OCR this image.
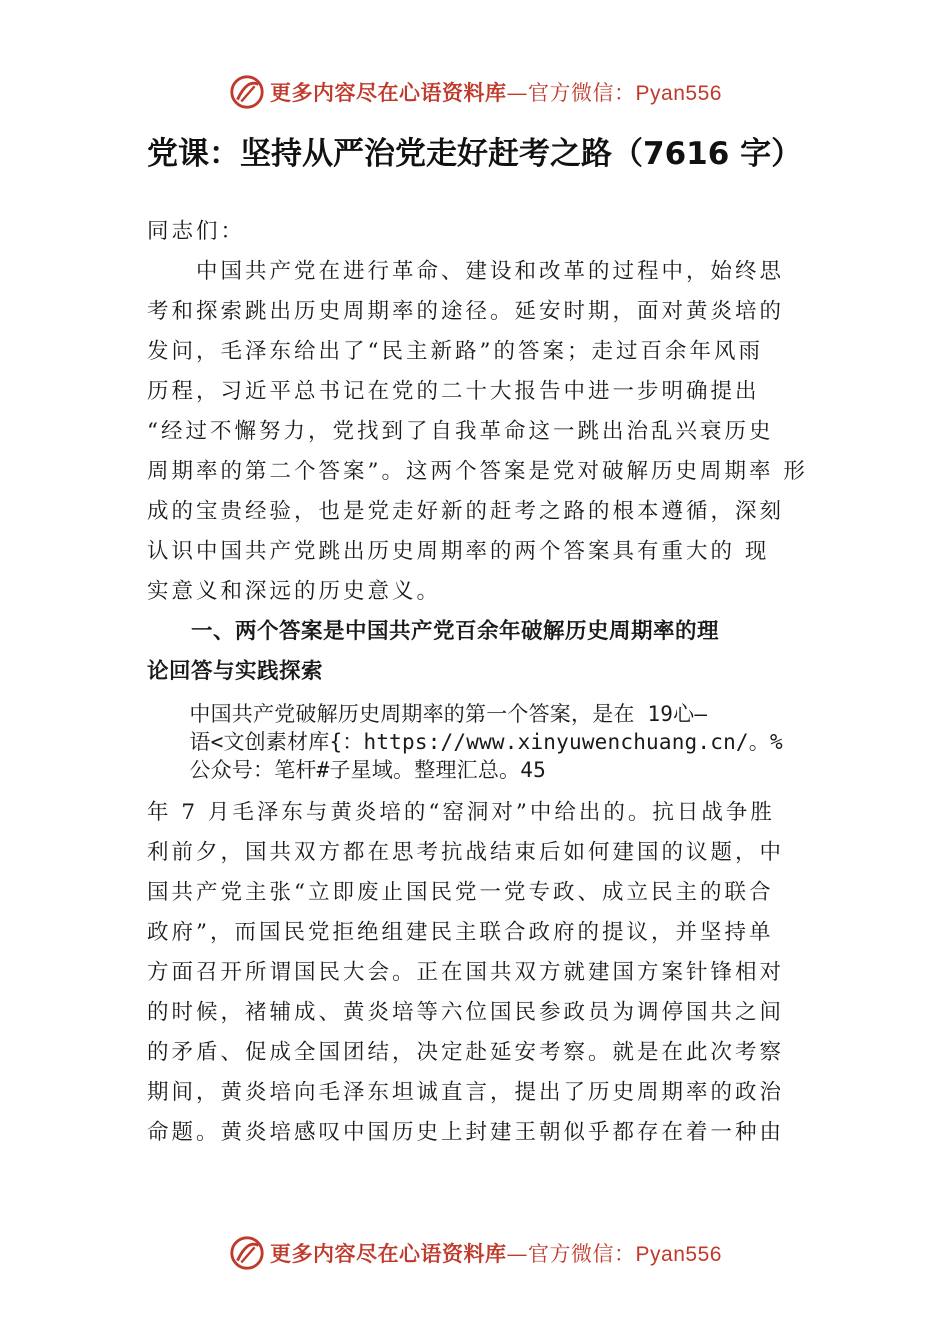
更多内容尽在心语资料库—官方微信：Pyan556
党课：坚持从严治党走好赶考之路（7616 字）
同志们：
　　中国共产党在进行革命、建设和改革的过程中，始终思
考和探索跳出历史周期率的途径。延安时期，面对黄炎培的
发问，毛泽东给出了“民主新路”的答案；走过百余年风雨
历程，习近平总书记在党的二十大报告中进一步明确提出
“经过不懈努力，党找到了自我革命这一跳出治乱兴衰历史
周期率的第二个答案”。这两个答案是党对破解历史周期率 形
成的宝贵经验，也是党走好新的赶考之路的根本遵循，深刻
认识中国共产党跳出历史周期率的两个答案具有重大的 现
实意义和深远的历史意义。
　　一、两个答案是中国共产党百余年破解历史周期率的理
论回答与实践探索
　　中国共产党破解历史周期率的第一个答案，是在 19心—
　　语<文创素材库{：https://www.xinyuwenchuang.cn/。%
　　公众号：笔杆#子星域。整理汇总。45
年 7 月毛泽东与黄炎培的“窑洞对”中给出的。抗日战争胜
利前夕，国共双方都在思考抗战结束后如何建国的议题，中
国共产党主张“立即废止国民党一党专政、成立民主的联合
政府”，而国民党拒绝组建民主联合政府的提议，并坚持单
方面召开所谓国民大会。正在国共双方就建国方案针锋相对
的时候，褚辅成、黄炎培等六位国民参政员为调停国共之间
的矛盾、促成全国团结，决定赴延安考察。就是在此次考察
期间，黄炎培向毛泽东坦诚直言，提出了历史周期率的政治
命题。黄炎培感叹中国历史上封建王朝似乎都存在着一种由
更多内容尽在心语资料库—官方微信：Pyan556
